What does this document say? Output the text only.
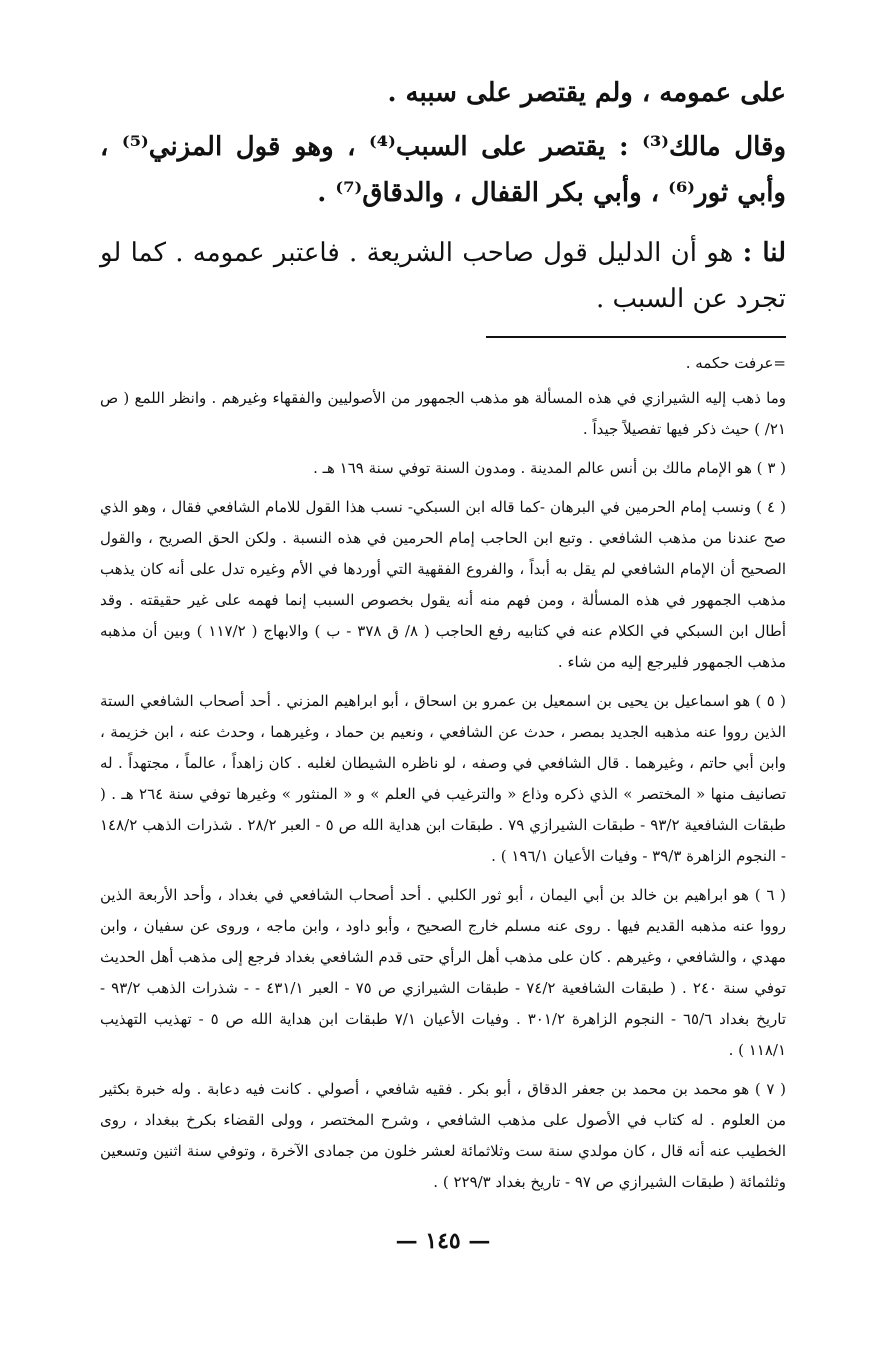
على عمومه ، ولم يقتصر على سببه .

وقال مالك⁽³⁾ : يقتصر على السبب⁽⁴⁾ ، وهو قول المزني⁽⁵⁾ ، وأبي ثور⁽⁶⁾ ، وأبي بكر القفال ، والدقاق⁽⁷⁾ .

لنا : هو أن الدليل قول صاحب الشريعة . فاعتبر عمومه . كما لو تجرد عن السبب .

=عرفت حكمه .

وما ذهب إليه الشيرازي في هذه المسألة هو مذهب الجمهور من الأصوليين والفقهاء وغيرهم . وانظر اللمع ( ص ٢١/ ) حيث ذكر فيها تفصيلاً جيداً .

( ٣ ) هو الإمام مالك بن أنس عالم المدينة . ومدون السنة توفي سنة ١٦٩ هـ .

( ٤ ) ونسب إمام الحرمين في البرهان -كما قاله ابن السبكي- نسب هذا القول للامام الشافعي فقال ، وهو الذي صح عندنا من مذهب الشافعي . وتبع ابن الحاجب إمام الحرمين في هذه النسبة . ولكن الحق الصريح ، والقول الصحيح أن الإمام الشافعي لم يقل به أبداً ، والفروع الفقهية التي أوردها في الأم وغيره تدل على أنه كان يذهب مذهب الجمهور في هذه المسألة ، ومن فهم منه أنه يقول بخصوص السبب إنما فهمه على غير حقيقته . وقد أطال ابن السبكي في الكلام عنه في كتابيه رفع الحاجب ( ٨/ ق ٣٧٨ - ب ) والابهاج ( ١١٧/٢ ) وبين أن مذهبه مذهب الجمهور فليرجع إليه من شاء .

( ٥ ) هو اسماعيل بن يحيى بن اسمعيل بن عمرو بن اسحاق ، أبو ابراهيم المزني . أحد أصحاب الشافعي الستة الذين رووا عنه مذهبه الجديد بمصر ، حدث عن الشافعي ، ونعيم بن حماد ، وغيرهما ، وحدث عنه ، ابن خزيمة ، وابن أبي حاتم ، وغيرهما . قال الشافعي في وصفه ، لو ناظره الشيطان لغلبه . كان زاهداً ، عالماً ، مجتهداً . له تصانيف منها « المختصر » الذي ذكره وذاع « والترغيب في العلم » و « المنثور » وغيرها توفي سنة ٢٦٤ هـ . ( طبقات الشافعية ٩٣/٢ - طبقات الشيرازي ٧٩ . طبقات ابن هداية الله ص ٥ - العبر ٢٨/٢ . شذرات الذهب ١٤٨/٢ - النجوم الزاهرة ٣٩/٣ - وفيات الأعيان ١٩٦/١ ) .

( ٦ ) هو ابراهيم بن خالد بن أبي اليمان ، أبو ثور الكلبي . أحد أصحاب الشافعي في بغداد ، وأحد الأربعة الذين رووا عنه مذهبه القديم فيها . روى عنه مسلم خارج الصحيح ، وأبو داود ، وابن ماجه ، وروى عن سفيان ، وابن مهدي ، والشافعي ، وغيرهم . كان على مذهب أهل الرأي حتى قدم الشافعي بغداد فرجع إلى مذهب أهل الحديث توفي سنة ٢٤٠ . ( طبقات الشافعية ٧٤/٢ - طبقات الشيرازي ص ٧٥ - العبر ٤٣١/١ - - شذرات الذهب ٩٣/٢ - تاريخ بغداد ٦٥/٦ - النجوم الزاهرة ٣٠١/٢ . وفيات الأعيان ٧/١ طبقات ابن هداية الله ص ٥ - تهذيب التهذيب ١١٨/١ ) .

( ٧ ) هو محمد بن محمد بن جعفر الدقاق ، أبو بكر . فقيه شافعي ، أصولي . كانت فيه دعابة . وله خبرة بكثير من العلوم . له كتاب في الأصول على مذهب الشافعي ، وشرح المختصر ، وولى القضاء بكرخ ببغداد ، روى الخطيب عنه أنه قال ، كان مولدي سنة ست وثلاثمائة لعشر خلون من جمادى الآخرة ، وتوفي سنة اثنين وتسعين وثلثمائة ( طبقات الشيرازي ص ٩٧ - تاريخ بغداد ٢٢٩/٣ ) .

— ١٤٥ —
